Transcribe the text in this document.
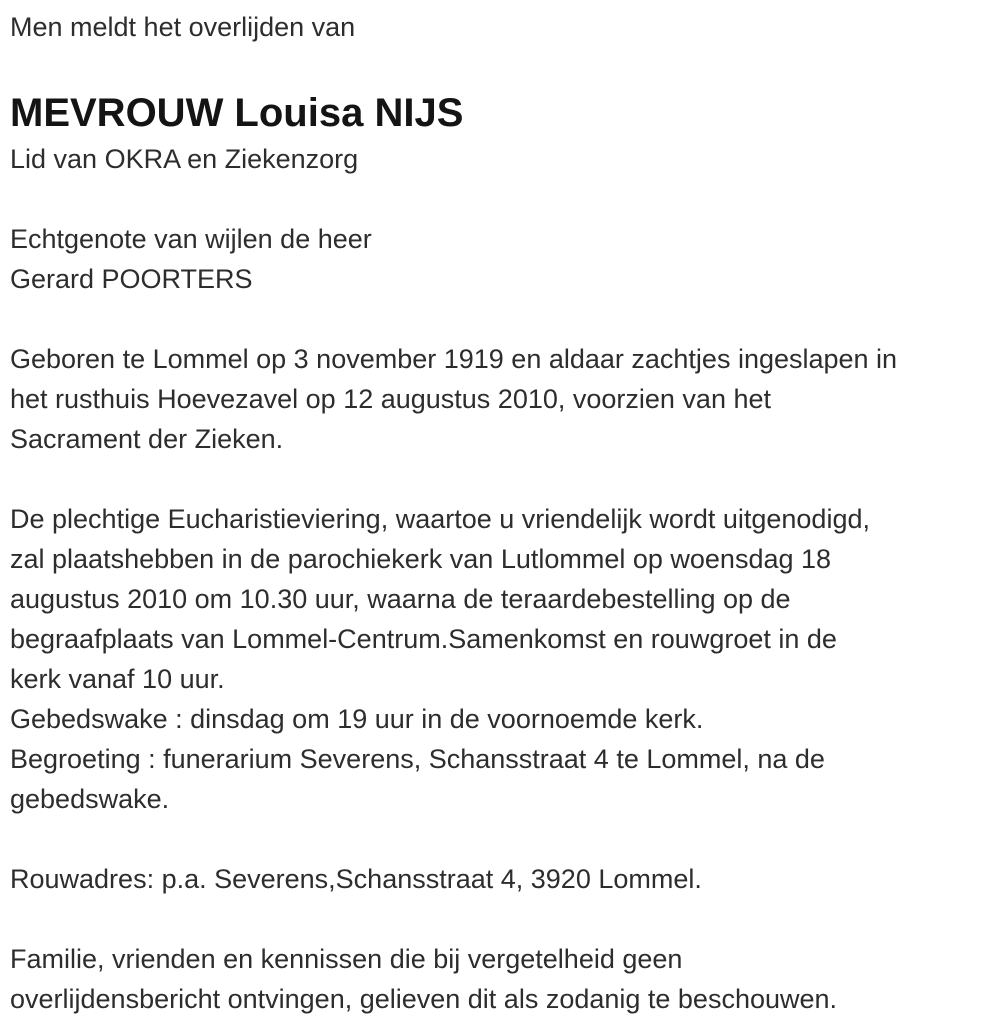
Men meldt het overlijden van
MEVROUW Louisa NIJS
Lid van OKRA en Ziekenzorg
Echtgenote van wijlen de heer
Gerard POORTERS
Geboren te Lommel op 3 november 1919 en aldaar zachtjes ingeslapen in
het rusthuis Hoevezavel op 12 augustus 2010, voorzien van het
Sacrament der Zieken.
De plechtige Eucharistieviering, waartoe u vriendelijk wordt uitgenodigd,
zal plaatshebben in de parochiekerk van Lutlommel op woensdag 18
augustus 2010 om 10.30 uur, waarna de teraardebestelling op de
begraafplaats van Lommel-Centrum.Samenkomst en rouwgroet in de
kerk vanaf 10 uur.
Gebedswake : dinsdag om 19 uur in de voornoemde kerk.
Begroeting : funerarium Severens, Schansstraat 4 te Lommel, na de
gebedswake.
Rouwadres: p.a. Severens,Schansstraat 4, 3920 Lommel.
Familie, vrienden en kennissen die bij vergetelheid geen
overlijdensbericht ontvingen, gelieven dit als zodanig te beschouwen.
